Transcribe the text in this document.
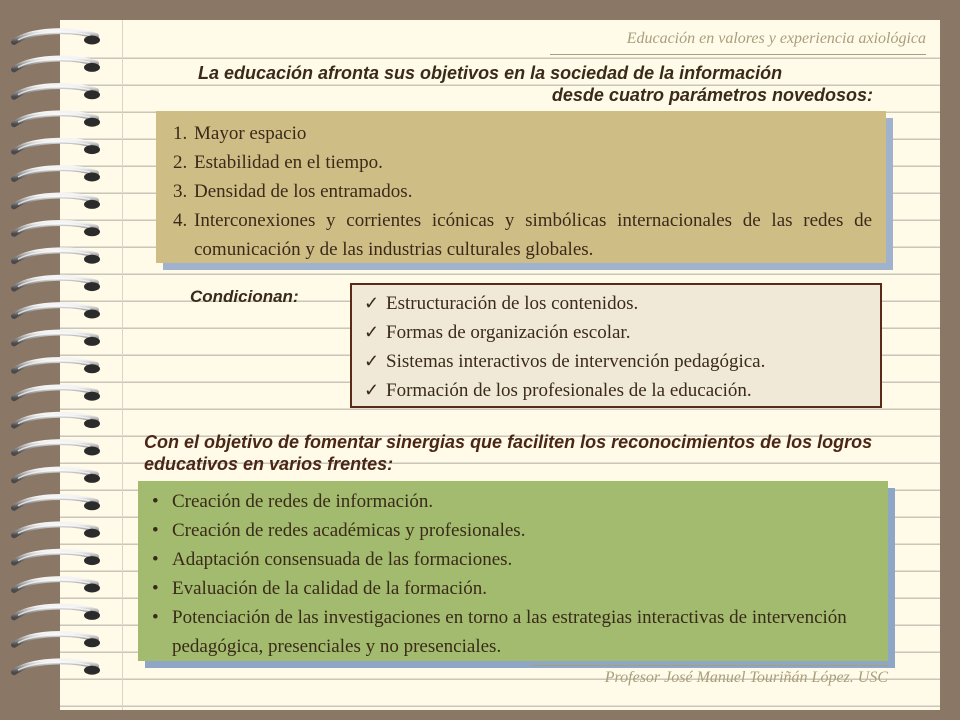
Educación en valores y experiencia axiológica
La educación afronta sus objetivos en la sociedad de la información
desde cuatro parámetros novedosos:
1. Mayor espacio
2. Estabilidad en el tiempo.
3. Densidad de los entramados.
4. Interconexiones y corrientes icónicas y simbólicas internacionales de las redes de comunicación y de las industrias culturales globales.
Condicionan:	✓ Estructuración de los contenidos.
✓ Formas de organización escolar.
✓ Sistemas interactivos de intervención pedagógica.
✓ Formación de los profesionales de la educación.
Con el objetivo de fomentar sinergias que faciliten los reconocimientos de los logros educativos en varios frentes:
• Creación de redes de información.
• Creación de redes académicas y profesionales.
• Adaptación consensuada de las formaciones.
• Evaluación de la calidad de la formación.
• Potenciación de las investigaciones en torno a las estrategias interactivas de intervención pedagógica, presenciales y no presenciales.
Profesor José Manuel Touriñán López. USC
